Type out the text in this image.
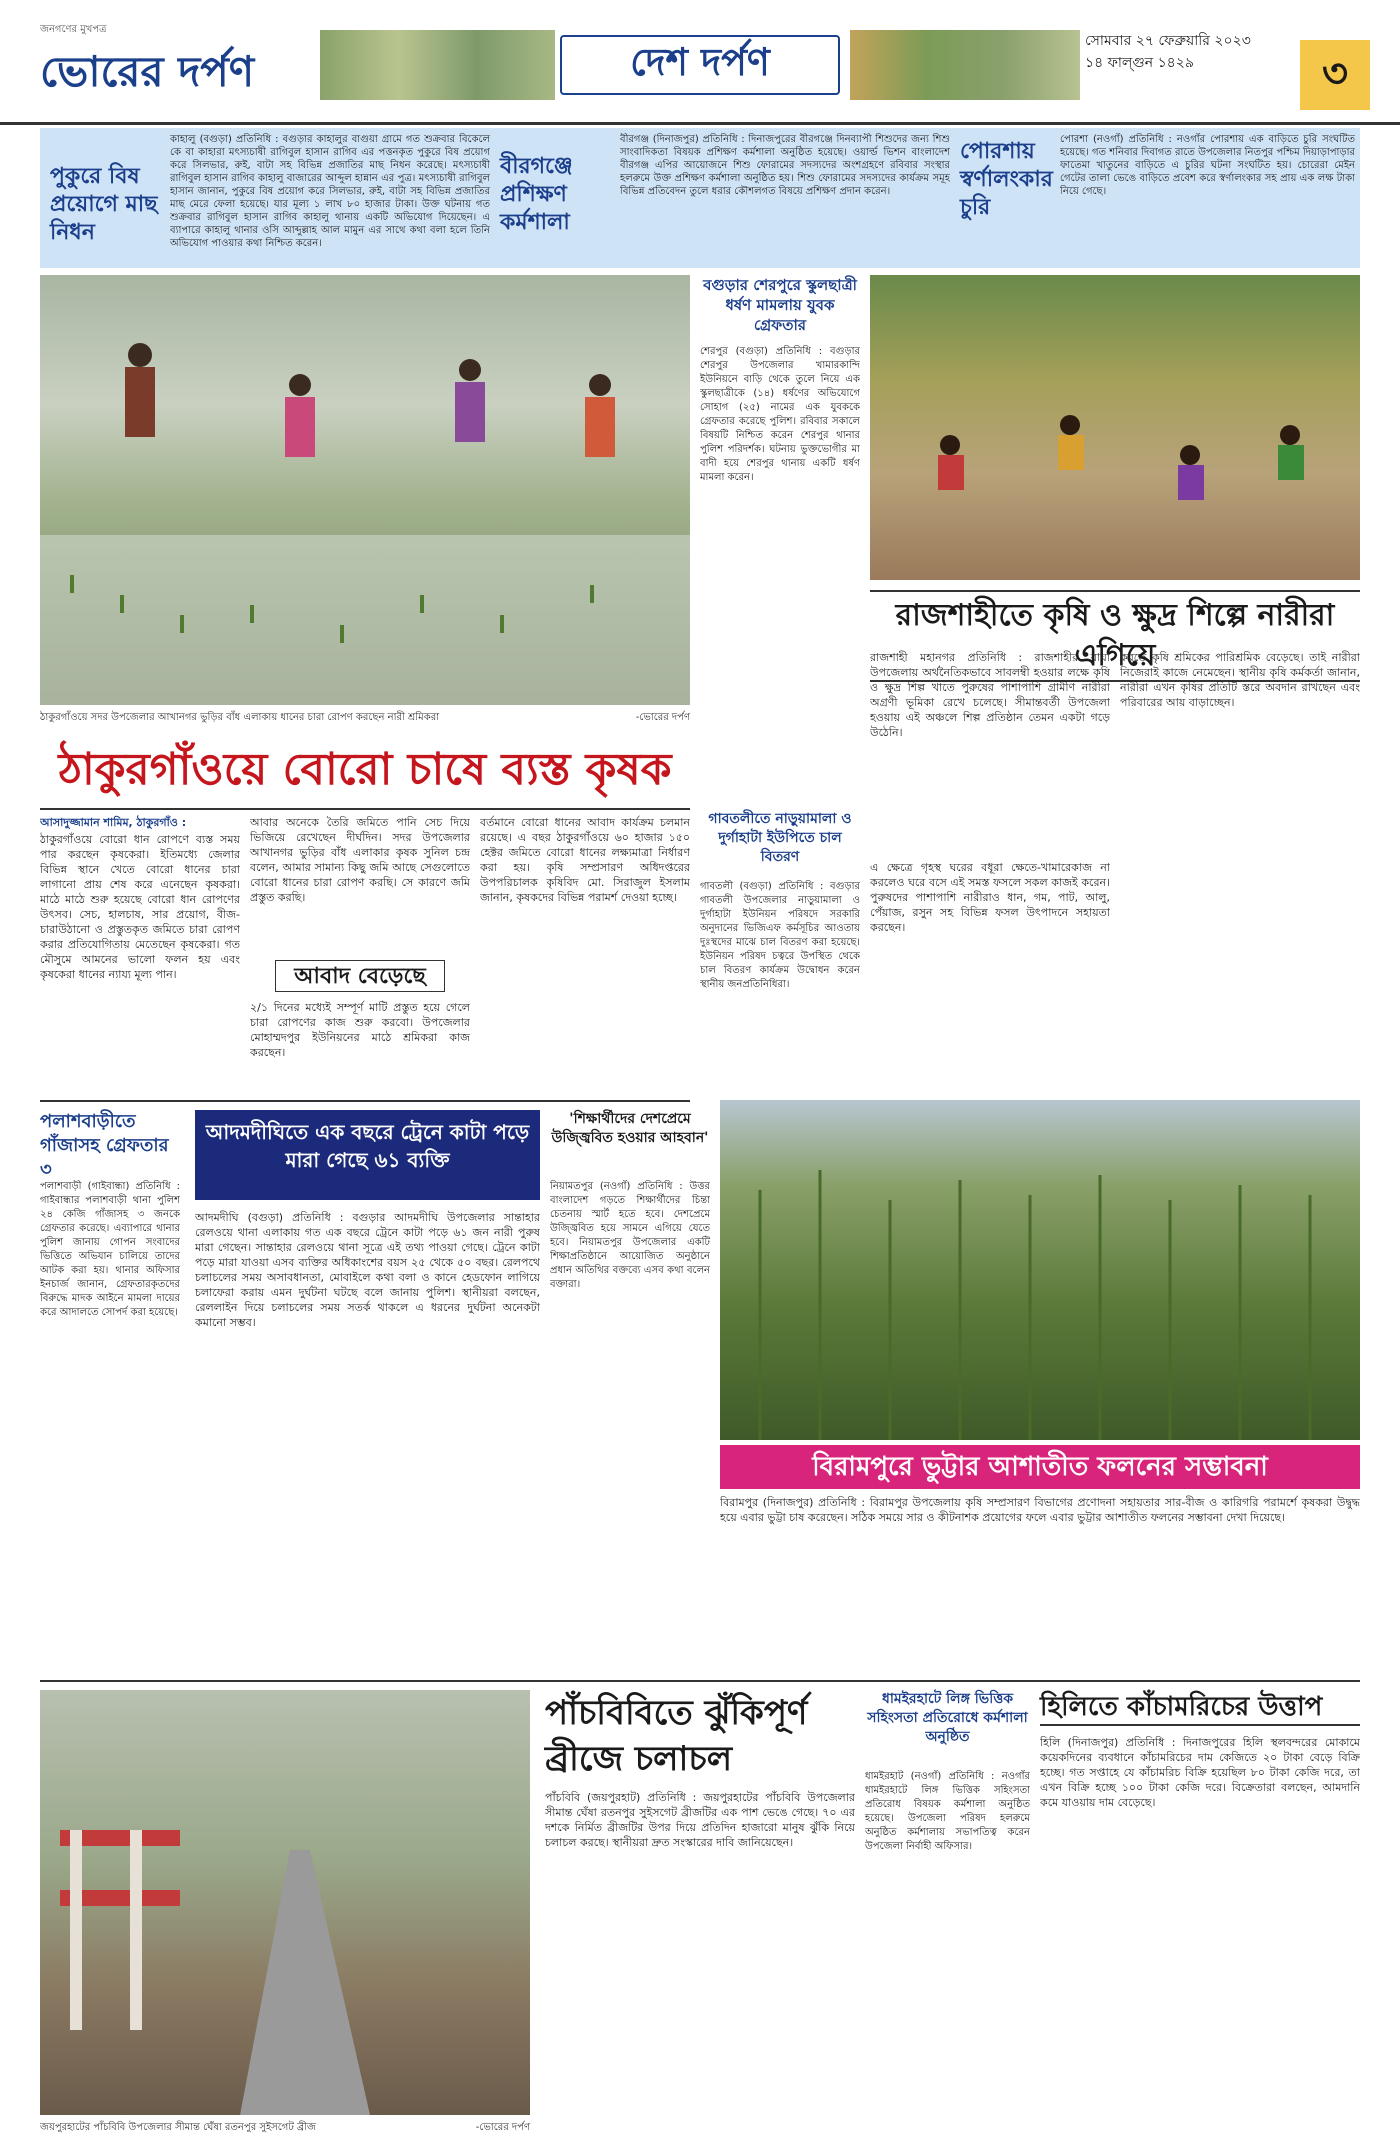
জনগণের মুখপত্র
ভোরের দর্পণ	দেশ দর্পণ	সোমবার ২৭ ফেব্রুয়ারি ২০২৩
১৪ ফাল্গুন ১৪২৯	৩
পুকুরে বিষ প্রয়োগে মাছ নিধন
কাহালু (বগুড়া) প্রতিনিধি : বগুড়ার কাহালুর বাগুয়া গ্রামে গত শুক্রবার বিকেলে কে বা কাহারা মৎস্যচাষী রাগিবুল হাসান রাগিব এর পত্তনকৃত পুকুরে বিষ প্রয়োগ করে সিলভার, রুই, বাটা সহ বিভিন্ন প্রজাতির মাছ নিধন করেছে। মৎস্যচাষী রাগিবুল হাসান রাগিব কাহালু বাজারের আব্দুল হান্নান এর পুত্র। মৎস্যচাষী রাগিবুল হাসান জানান, পুকুরে বিষ প্রয়োগ করে সিলভার, রুই, বাটা সহ বিভিন্ন প্রজাতির মাছ মেরে ফেলা হয়েছে। যার মূল্য ১ লাখ ৮০ হাজার টাকা। উক্ত ঘটনায় গত শুক্রবার রাগিবুল হাসান রাগিব কাহালু থানায় একটি অভিযোগ দিয়েছেন। এ ব্যাপারে কাহালু থানার ওসি আব্দুল্লাহ আল মামুন এর সাথে কথা বলা হলে তিনি অভিযোগ পাওয়ার কথা নিশ্চিত করেন।
বীরগঞ্জে প্রশিক্ষণ কর্মশালা
বীরগঞ্জ (দিনাজপুর) প্রতিনিধি : দিনাজপুরের বীরগঞ্জে দিনব্যাপী শিশুদের জন্য শিশু সাংবাদিকতা বিষয়ক প্রশিক্ষণ কর্মশালা অনুষ্ঠিত হয়েছে। ওয়ার্ল্ড ভিশন বাংলাদেশ বীরগঞ্জ এপির আয়োজনে শিশু ফোরামের সদস্যদের অংশগ্রহণে রবিবার সংস্থার হলরুমে উক্ত প্রশিক্ষণ কর্মশালা অনুষ্ঠিত হয়। শিশু ফোরামের সদস্যদের কার্যক্রম সমূহ বিভিন্ন প্রতিবেদন তুলে ধরার কৌশলগত বিষয়ে প্রশিক্ষণ প্রদান করেন।
পোরশায় স্বর্ণালংকার চুরি
পোরশা (নওগাঁ) প্রতিনিধি : নওগাঁর পোরশায় এক বাড়িতে চুরি সংঘটিত হয়েছে। গত শনিবার দিবাগত রাতে উপজেলার নিতপুর পশ্চিম দিয়াড়াপাড়ার ফাতেমা খাতুনের বাড়িতে এ চুরির ঘটনা সংঘটিত হয়। চোরেরা মেইন গেটের তালা ভেঙে বাড়িতে প্রবেশ করে স্বর্ণালংকার সহ প্রায় এক লক্ষ টাকা নিয়ে গেছে।
ঠাকুরগাঁওয়ে সদর উপজেলার আখানগর ভুড়ির বাঁধ এলাকায় ধানের চারা রোপণ করছেন নারী শ্রমিকরা	-ভোরের দর্পণ
বগুড়ার শেরপুরে স্কুলছাত্রী ধর্ষণ মামলায় যুবক গ্রেফতার
শেরপুর (বগুড়া) প্রতিনিধি : বগুড়ার শেরপুর উপজেলার খামারকান্দি ইউনিয়নে বাড়ি থেকে তুলে নিয়ে এক স্কুলছাত্রীকে (১৪) ধর্ষণের অভিযোগে সোহাগ (২৫) নামের এক যুবককে গ্রেফতার করেছে পুলিশ। রবিবার সকালে বিষয়টি নিশ্চিত করেন শেরপুর থানার পুলিশ পরিদর্শক। ঘটনায় ভুক্তভোগীর মা বাদী হয়ে শেরপুর থানায় একটি ধর্ষণ মামলা করেন।
গাবতলীতে নাড়ুয়ামালা ও দুর্গাহাটা ইউপিতে চাল বিতরণ
গাবতলী (বগুড়া) প্রতিনিধি : বগুড়ার গাবতলী উপজেলার নাড়ুয়ামালা ও দুর্গাহাটা ইউনিয়ন পরিষদে সরকারি অনুদানের ভিজিএফ কর্মসূচির আওতায় দুঃস্থদের মাঝে চাল বিতরণ করা হয়েছে। ইউনিয়ন পরিষদ চত্বরে উপস্থিত থেকে চাল বিতরণ কার্যক্রম উদ্বোধন করেন স্থানীয় জনপ্রতিনিধিরা।
রাজশাহীতে কৃষি ও ক্ষুদ্র শিল্পে নারীরা এগিয়ে
রাজশাহী মহানগর প্রতিনিধি : রাজশাহীর বাঘা উপজেলায় অর্থনৈতিকভাবে সাবলম্বী হওয়ার লক্ষে কৃষি ও ক্ষুদ্র শিল্প খাতে পুরুষের পাশাপাশি গ্রামীণ নারীরা অগ্রণী ভূমিকা রেখে চলেছে। সীমান্তবর্তী উপজেলা হওয়ায় এই অঞ্চলে শিল্প প্রতিষ্ঠান তেমন একটা গড়ে উঠেনি।
এ ক্ষেত্রে গৃহস্থ ঘরের বধূরা ক্ষেতে-খামারেকাজ না করলেও ঘরে বসে এই সমস্ত ফসলে সকল কাজই করেন। পুরুষদের পাশাপাশি নারীরাও ধান, গম, পাট, আলু, পেঁয়াজ, রসুন সহ বিভিন্ন ফসল উৎপাদনে সহায়তা করছেন।
করতে কৃষি শ্রমিকের পারিশ্রমিক বেড়েছে। তাই নারীরা নিজেরাই কাজে নেমেছেন। স্থানীয় কৃষি কর্মকর্তা জানান, নারীরা এখন কৃষির প্রতিটি স্তরে অবদান রাখছেন এবং পরিবারের আয় বাড়াচ্ছেন।
ঠাকুরগাঁওয়ে বোরো চাষে ব্যস্ত কৃষক
আসাদুজ্জামান শামিম, ঠাকুরগাঁও :
ঠাকুরগাঁওয়ে বোরো ধান রোপণে ব্যস্ত সময় পার করছেন কৃষকেরা। ইতিমধ্যে জেলার বিভিন্ন স্থানে খেতে বোরো ধানের চারা লাগানো প্রায় শেষ করে এনেছেন কৃষকরা। মাঠে মাঠে শুরু হয়েছে বোরো ধান রোপণের উৎসব। সেচ, হালচাষ, সার প্রয়োগ, বীজ-চারাউঠানো ও প্রস্তুতকৃত জমিতে চারা রোপণ করার প্রতিযোগিতায় মেতেছেন কৃষকেরা। গত মৌসুমে আমনের ভালো ফলন হয় এবং কৃষকেরা ধানের ন্যায্য মূল্য পান।
আবার অনেকে তৈরি জমিতে পানি সেচ দিয়ে ভিজিয়ে রেখেছেন দীর্ঘদিন। সদর উপজেলার আখানগর ভুড়ির বাঁধ এলাকার কৃষক সুনিল চন্দ্র বলেন, আমার সামান্য কিছু জমি আছে সেগুলোতে বোরো ধানের চারা রোপণ করছি। সে কারণে জমি প্রস্তুত করছি।
আবাদ বেড়েছে
২/১ দিনের মধ্যেই সম্পূর্ণ মাটি প্রস্তুত হয়ে গেলে চারা রোপণের কাজ শুরু করবো। উপজেলার মোহাম্মদপুর ইউনিয়নের মাঠে শ্রমিকরা কাজ করছেন।
বর্তমানে বোরো ধানের আবাদ কার্যক্রম চলমান রয়েছে। এ বছর ঠাকুরগাঁওয়ে ৬০ হাজার ১৫০ হেক্টর জমিতে বোরো ধানের লক্ষ্যমাত্রা নির্ধারণ করা হয়। কৃষি সম্প্রসারণ অধিদপ্তরের উপপরিচালক কৃষিবিদ মো. সিরাজুল ইসলাম জানান, কৃষকদের বিভিন্ন পরামর্শ দেওয়া হচ্ছে।
পলাশবাড়ীতে গাঁজাসহ গ্রেফতার ৩
পলাশবাড়ী (গাইবান্ধা) প্রতিনিধি : গাইবান্ধার পলাশবাড়ী থানা পুলিশ ২৪ কেজি গাঁজাসহ ৩ জনকে গ্রেফতার করেছে। এব্যাপারে থানার পুলিশ জানায় গোপন সংবাদের ভিত্তিতে অভিযান চালিয়ে তাদের আটক করা হয়। থানার অফিসার ইনচার্জ জানান, গ্রেফতারকৃতদের বিরুদ্ধে মাদক আইনে মামলা দায়ের করে আদালতে সোপর্দ করা হয়েছে।
আদমদীঘিতে এক বছরে ট্রেনে কাটা পড়ে মারা গেছে ৬১ ব্যক্তি
আদমদীঘি (বগুড়া) প্রতিনিধি : বগুড়ার আদমদীঘি উপজেলার সান্তাহার রেলওয়ে থানা এলাকায় গত এক বছরে ট্রেনে কাটা পড়ে ৬১ জন নারী পুরুষ মারা গেছেন। সান্তাহার রেলওয়ে থানা সূত্রে এই তথ্য পাওয়া গেছে। ট্রেনে কাটা পড়ে মারা যাওয়া এসব ব্যক্তির অধিকাংশের বয়স ২৫ থেকে ৫০ বছর। রেলপথে চলাচলের সময় অসাবধানতা, মোবাইলে কথা বলা ও কানে হেডফোন লাগিয়ে চলাফেরা করায় এমন দুর্ঘটনা ঘটছে বলে জানায় পুলিশ। স্থানীয়রা বলছেন, রেললাইন দিয়ে চলাচলের সময় সতর্ক থাকলে এ ধরনের দুর্ঘটনা অনেকটা কমানো সম্ভব।
'শিক্ষার্থীদের দেশপ্রেমে উজ্জ্বিবিত হওয়ার আহবান'
নিয়ামতপুর (নওগাঁ) প্রতিনিধি : উত্তর বাংলাদেশ গড়তে শিক্ষার্থীদের চিন্তা চেতনায় স্মার্ট হতে হবে। দেশপ্রেমে উজ্জ্বিবিত হয়ে সামনে এগিয়ে যেতে হবে। নিয়ামতপুর উপজেলার একটি শিক্ষাপ্রতিষ্ঠানে আয়োজিত অনুষ্ঠানে প্রধান অতিথির বক্তব্যে এসব কথা বলেন বক্তারা।
বিরামপুরে ভুট্টার আশাতীত ফলনের সম্ভাবনা
বিরামপুর (দিনাজপুর) প্রতিনিধি : বিরামপুর উপজেলায় কৃষি সম্প্রসারণ বিভাগের প্রণোদনা সহায়তার সার-বীজ ও কারিগরি পরামর্শে কৃষকরা উদ্বুদ্ধ হয়ে এবার ভুট্টা চাষ করেছেন। সঠিক সময়ে সার ও কীটনাশক প্রয়োগের ফলে এবার ভুট্টার আশাতীত ফলনের সম্ভাবনা দেখা দিয়েছে।
জয়পুরহাটের পাঁচবিবি উপজেলার সীমান্ত ঘেঁষা রতনপুর সুইসগেট ব্রীজ	-ভোরের দর্পণ
পাঁচবিবিতে ঝুঁকিপূর্ণ ব্রীজে চলাচল
পাঁচবিবি (জয়পুরহাট) প্রতিনিধি : জয়পুরহাটের পাঁচবিবি উপজেলার সীমান্ত ঘেঁষা রতনপুর সুইসগেট ব্রীজটির এক পাশ ভেঙে গেছে। ৭০ এর দশকে নির্মিত ব্রীজটির উপর দিয়ে প্রতিদিন হাজারো মানুষ ঝুঁকি নিয়ে চলাচল করছে। স্থানীয়রা দ্রুত সংস্কারের দাবি জানিয়েছেন।
ধামইরহাটে লিঙ্গ ভিত্তিক সহিংসতা প্রতিরোধে কর্মশালা অনুষ্ঠিত
ধামইরহাট (নওগাঁ) প্রতিনিধি : নওগাঁর ধামইরহাটে লিঙ্গ ভিত্তিক সহিংসতা প্রতিরোধ বিষয়ক কর্মশালা অনুষ্ঠিত হয়েছে। উপজেলা পরিষদ হলরুমে অনুষ্ঠিত কর্মশালায় সভাপতিত্ব করেন উপজেলা নির্বাহী অফিসার।
হিলিতে কাঁচামরিচের উত্তাপ
হিলি (দিনাজপুর) প্রতিনিধি : দিনাজপুরের হিলি স্থলবন্দরের মোকামে কয়েকদিনের ব্যবধানে কাঁচামরিচের দাম কেজিতে ২০ টাকা বেড়ে বিক্রি হচ্ছে। গত সপ্তাহে যে কাঁচামরিচ বিক্রি হয়েছিল ৮০ টাকা কেজি দরে, তা এখন বিক্রি হচ্ছে ১০০ টাকা কেজি দরে। বিক্রেতারা বলছেন, আমদানি কমে যাওয়ায় দাম বেড়েছে।
